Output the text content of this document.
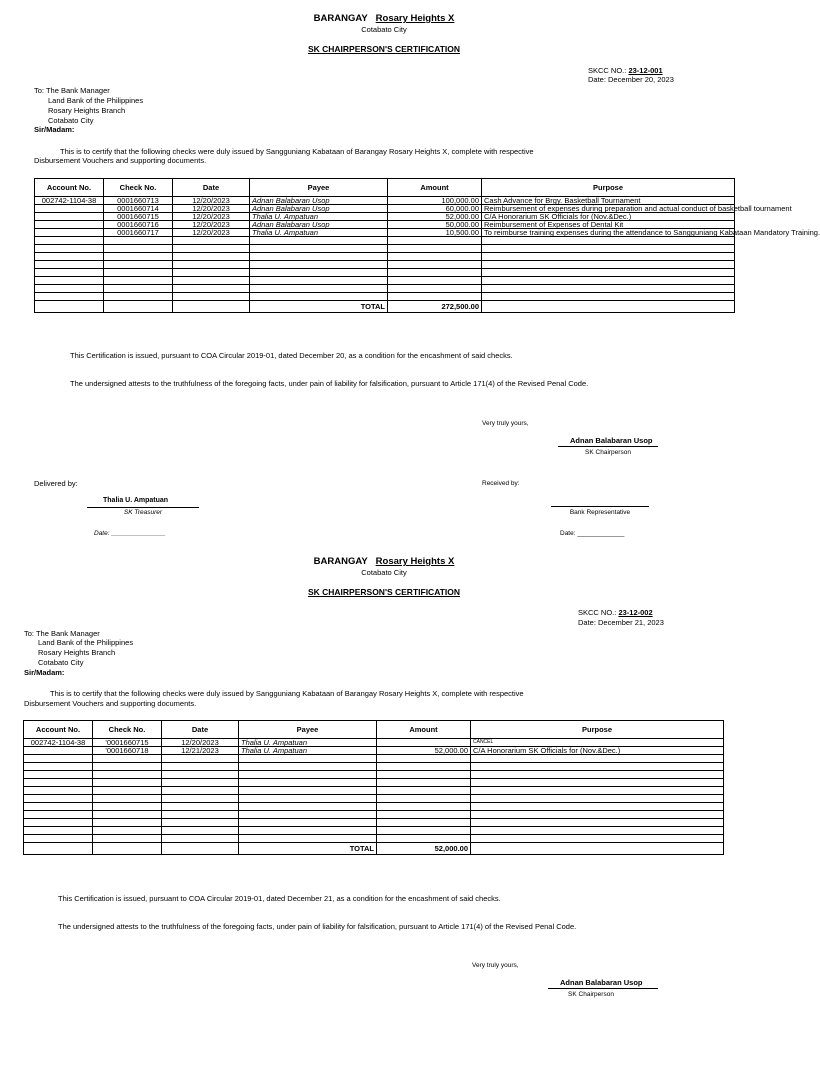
BARANGAY Rosary Heights X
Cotabato City
SK CHAIRPERSON'S CERTIFICATION
SKCC NO.: 23-12-001
Date: December 20, 2023
To: The Bank Manager
Land Bank of the Philippines
Rosary Heights Branch
Cotabato City
Sir/Madam:
This is to certify that the following checks were duly issued by Sangguniang Kabataan of Barangay Rosary Heights X, complete with respective
Disbursement Vouchers and supporting documents.
Account No.	Check No.	Date	Payee	Amount	Purpose
002742-1104-38	0001660713	12/20/2023	Adnan Balabaran Usop	100,000.00	Cash Advance for Brgy. Basketball Tournament
	0001660714	12/20/2023	Adnan Balabaran Usop	60,000.00	Reimbursement of expenses during preparation and actual conduct of basketball tournament
	0001660715	12/20/2023	Thalia U. Ampatuan	52,000.00	C/A Honorarium SK Officials for (Nov.&Dec.)
	0001660716	12/20/2023	Adnan Balabaran Usop	50,000.00	Reimbursement of Expenses of Dental Kit
	0001660717	12/20/2023	Thalia U. Ampatuan	10,500.00	To reimburse training expenses during the attendance to Sangguniang Kabataan Mandatory Training.

			TOTAL	272,500.00	
This Certification is issued, pursuant to COA Circular 2019-01, dated December 20, as a condition for the encashment of said checks.
The undersigned attests to the truthfulness of the foregoing facts, under pain of liability for falsification, pursuant to Article 171(4) of the Revised Penal Code.
Very truly yours,
Adnan Balabaran Usop
SK Chairperson
Delivered by:
Thalia U. Ampatuan
SK Treasurer
Date: _______________
Received by:
Bank Representative
Date: _____________
BARANGAY Rosary Heights X
Cotabato City
SK CHAIRPERSON'S CERTIFICATION
SKCC NO.: 23-12-002
Date: December 21, 2023
To: The Bank Manager
Land Bank of the Philippines
Rosary Heights Branch
Cotabato City
Sir/Madam:
This is to certify that the following checks were duly issued by Sangguniang Kabataan of Barangay Rosary Heights X, complete with respective
Disbursement Vouchers and supporting documents.
Account No.	Check No.	Date	Payee	Amount	Purpose
002742-1104-38	'0001660715	12/20/2023	Thalia U. Ampatuan		CANCEL
	'0001660718	12/21/2023	Thalia U. Ampatuan	52,000.00	C/A Honorarium SK Officials for (Nov.&Dec.)

			TOTAL	52,000.00	
This Certification is issued, pursuant to COA Circular 2019-01, dated December 21, as a condition for the encashment of said checks.
The undersigned attests to the truthfulness of the foregoing facts, under pain of liability for falsification, pursuant to Article 171(4) of the Revised Penal Code.
Very truly yours,
Adnan Balabaran Usop
SK Chairperson
